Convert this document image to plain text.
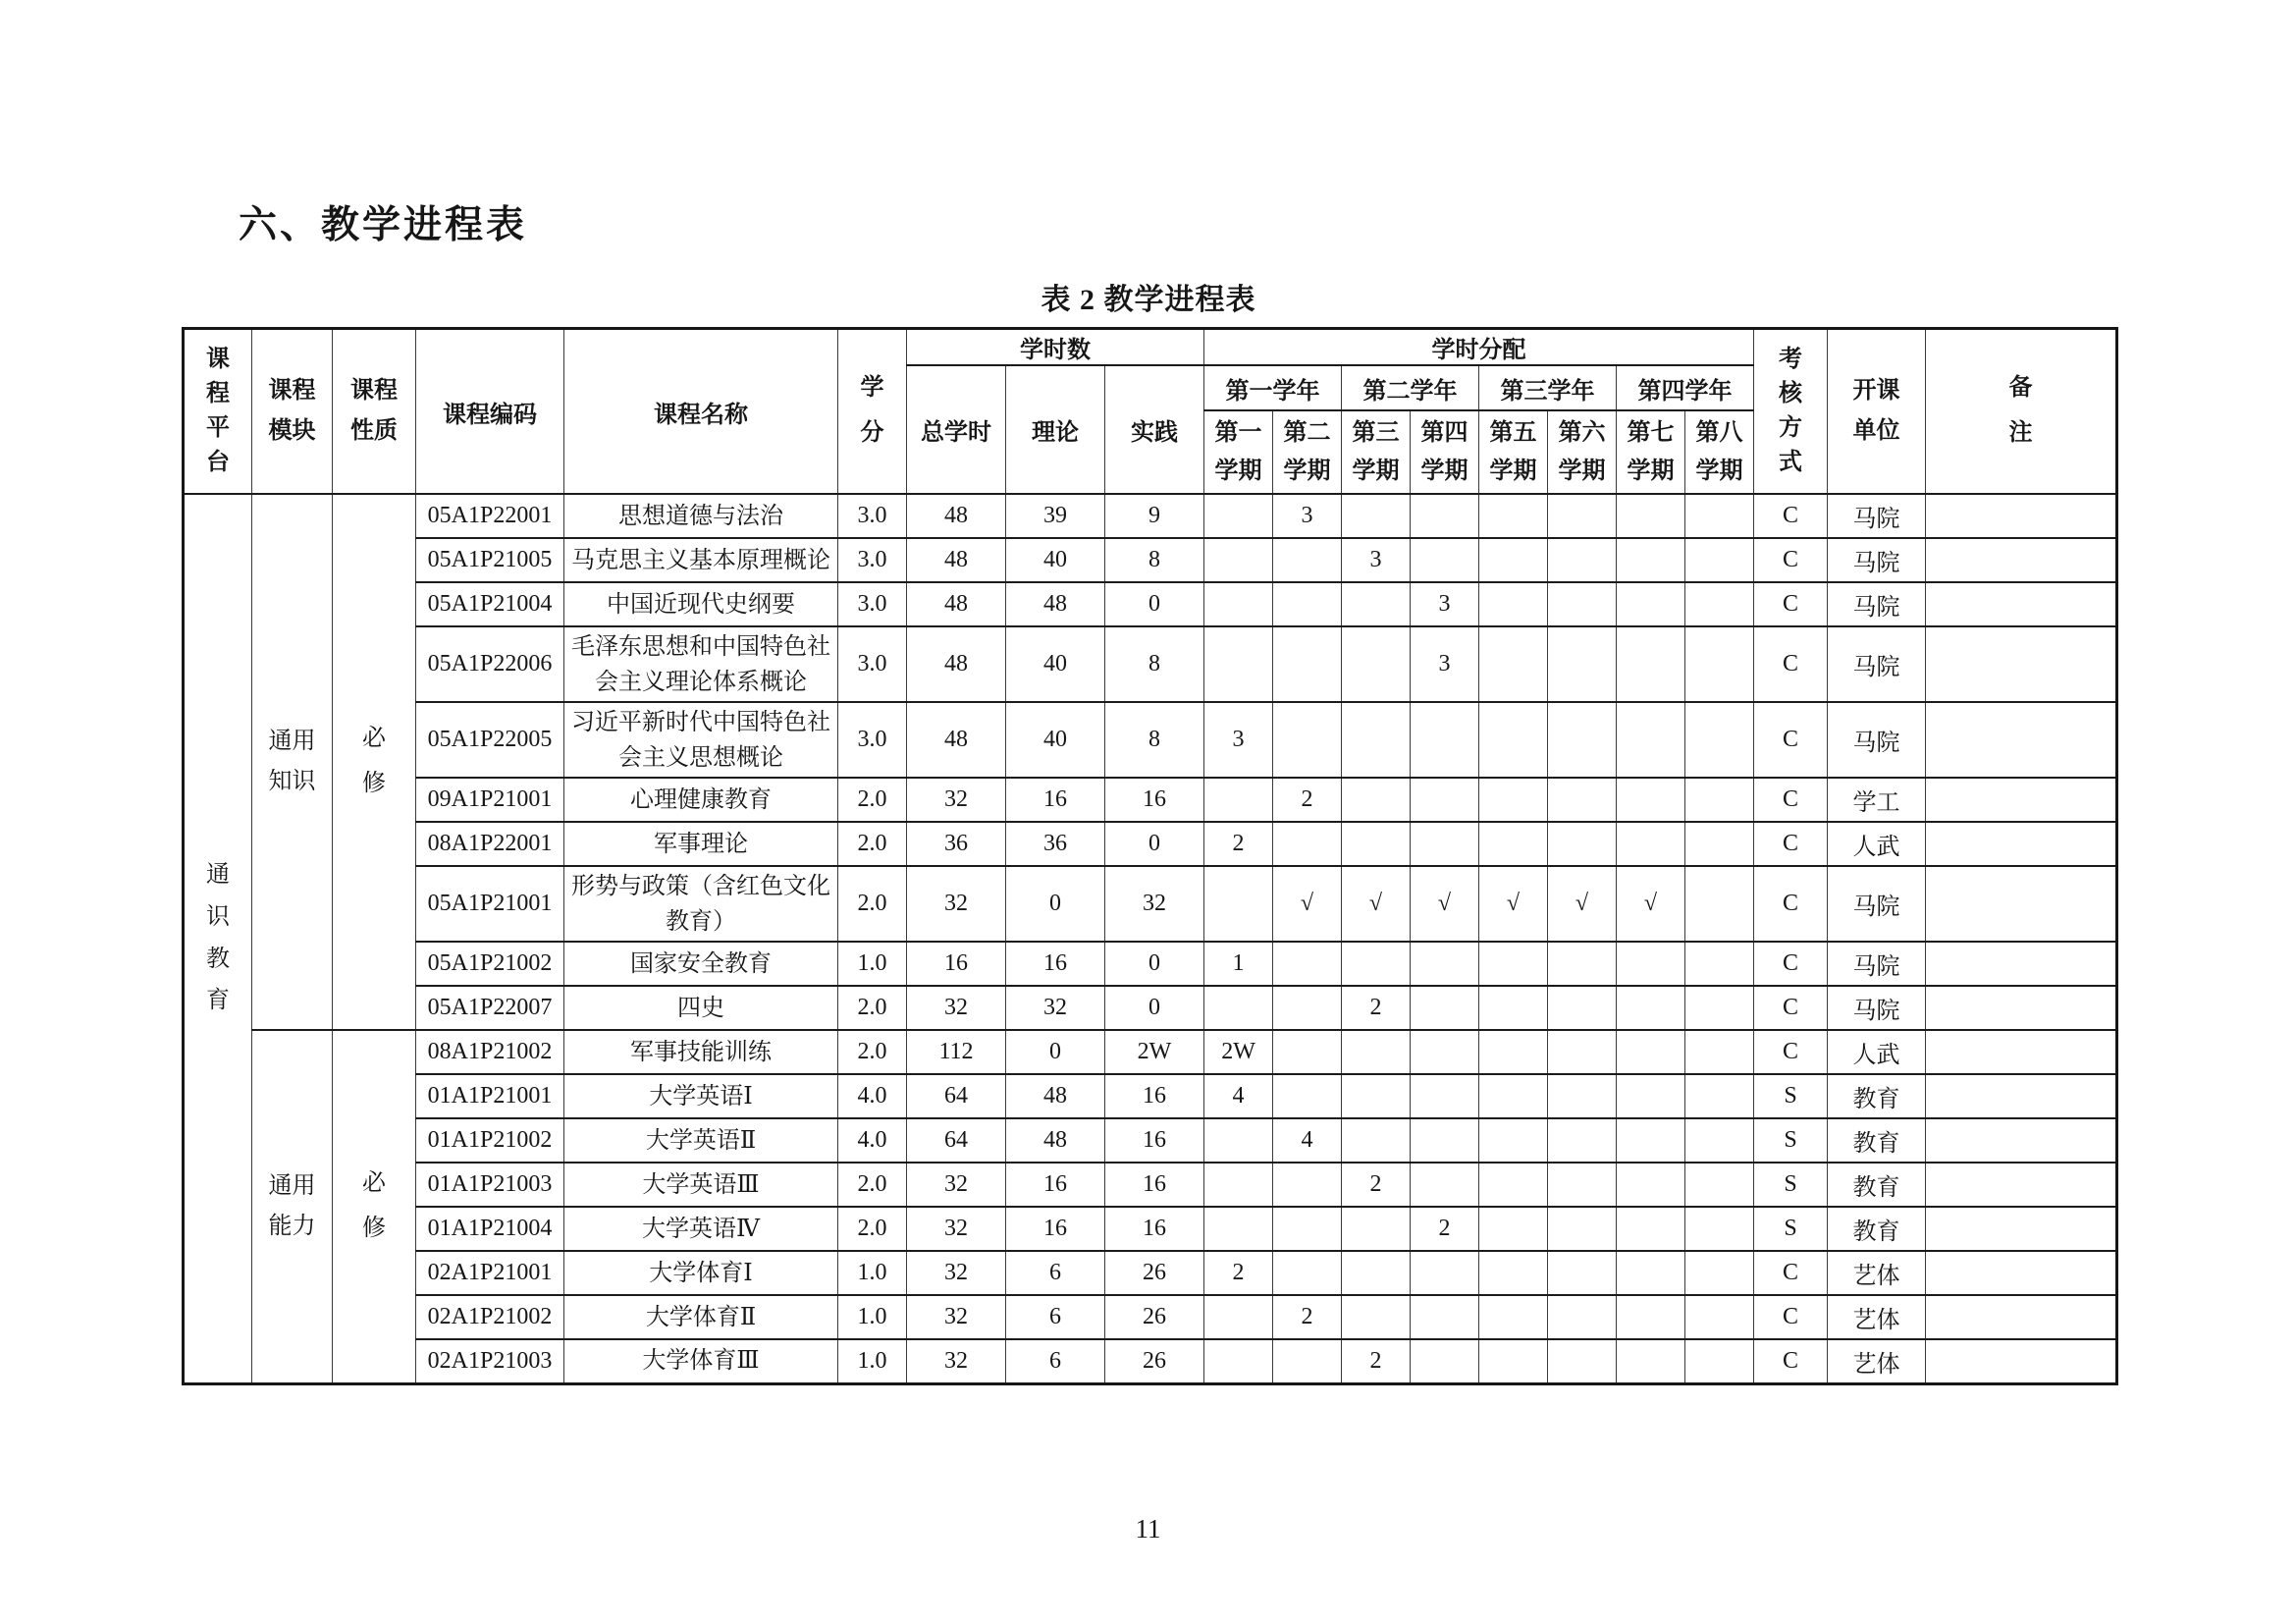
六、教学进程表
表 2 教学进程表
课程平台	课程模块	课程性质	课程编码	课程名称	学分	学时数			学时分配								考核方式	开课单位	备注

						总学时	理论	实践	第一学年		第二学年		第三学年		第四学年				

									第一学期	第二学期	第三学期	第四学期	第五学期	第六学期	第七学期	第八学期			

通识教育	通用知识	必修	05A1P22001	思想道德与法治	3.0	48	39	9		3							C	马院	
			05A1P21005	马克思主义基本原理概论	3.0	48	40	8			3						C	马院	
			05A1P21004	中国近现代史纲要	3.0	48	48	0				3					C	马院	
			05A1P22006	毛泽东思想和中国特色社会主义理论体系概论	3.0	48	40	8				3					C	马院	
			05A1P22005	习近平新时代中国特色社会主义思想概论	3.0	48	40	8	3								C	马院	
			09A1P21001	心理健康教育	2.0	32	16	16		2							C	学工	
			08A1P22001	军事理论	2.0	36	36	0	2								C	人武	
			05A1P21001	形势与政策（含红色文化教育）	2.0	32	0	32		√	√	√	√	√	√		C	马院	
			05A1P21002	国家安全教育	1.0	16	16	0	1								C	马院	
			05A1P22007	四史	2.0	32	32	0			2						C	马院	

	通用能力	必修	08A1P21002	军事技能训练	2.0	112	0	2W	2W								C	人武	
			01A1P21001	大学英语Ⅰ	4.0	64	48	16	4								S	教育	
			01A1P21002	大学英语Ⅱ	4.0	64	48	16		4							S	教育	
			01A1P21003	大学英语Ⅲ	2.0	32	16	16			2						S	教育	
			01A1P21004	大学英语Ⅳ	2.0	32	16	16				2					S	教育	
			02A1P21001	大学体育Ⅰ	1.0	32	6	26	2								C	艺体	
			02A1P21002	大学体育Ⅱ	1.0	32	6	26		2							C	艺体	
			02A1P21003	大学体育Ⅲ	1.0	32	6	26			2						C	艺体	
11
